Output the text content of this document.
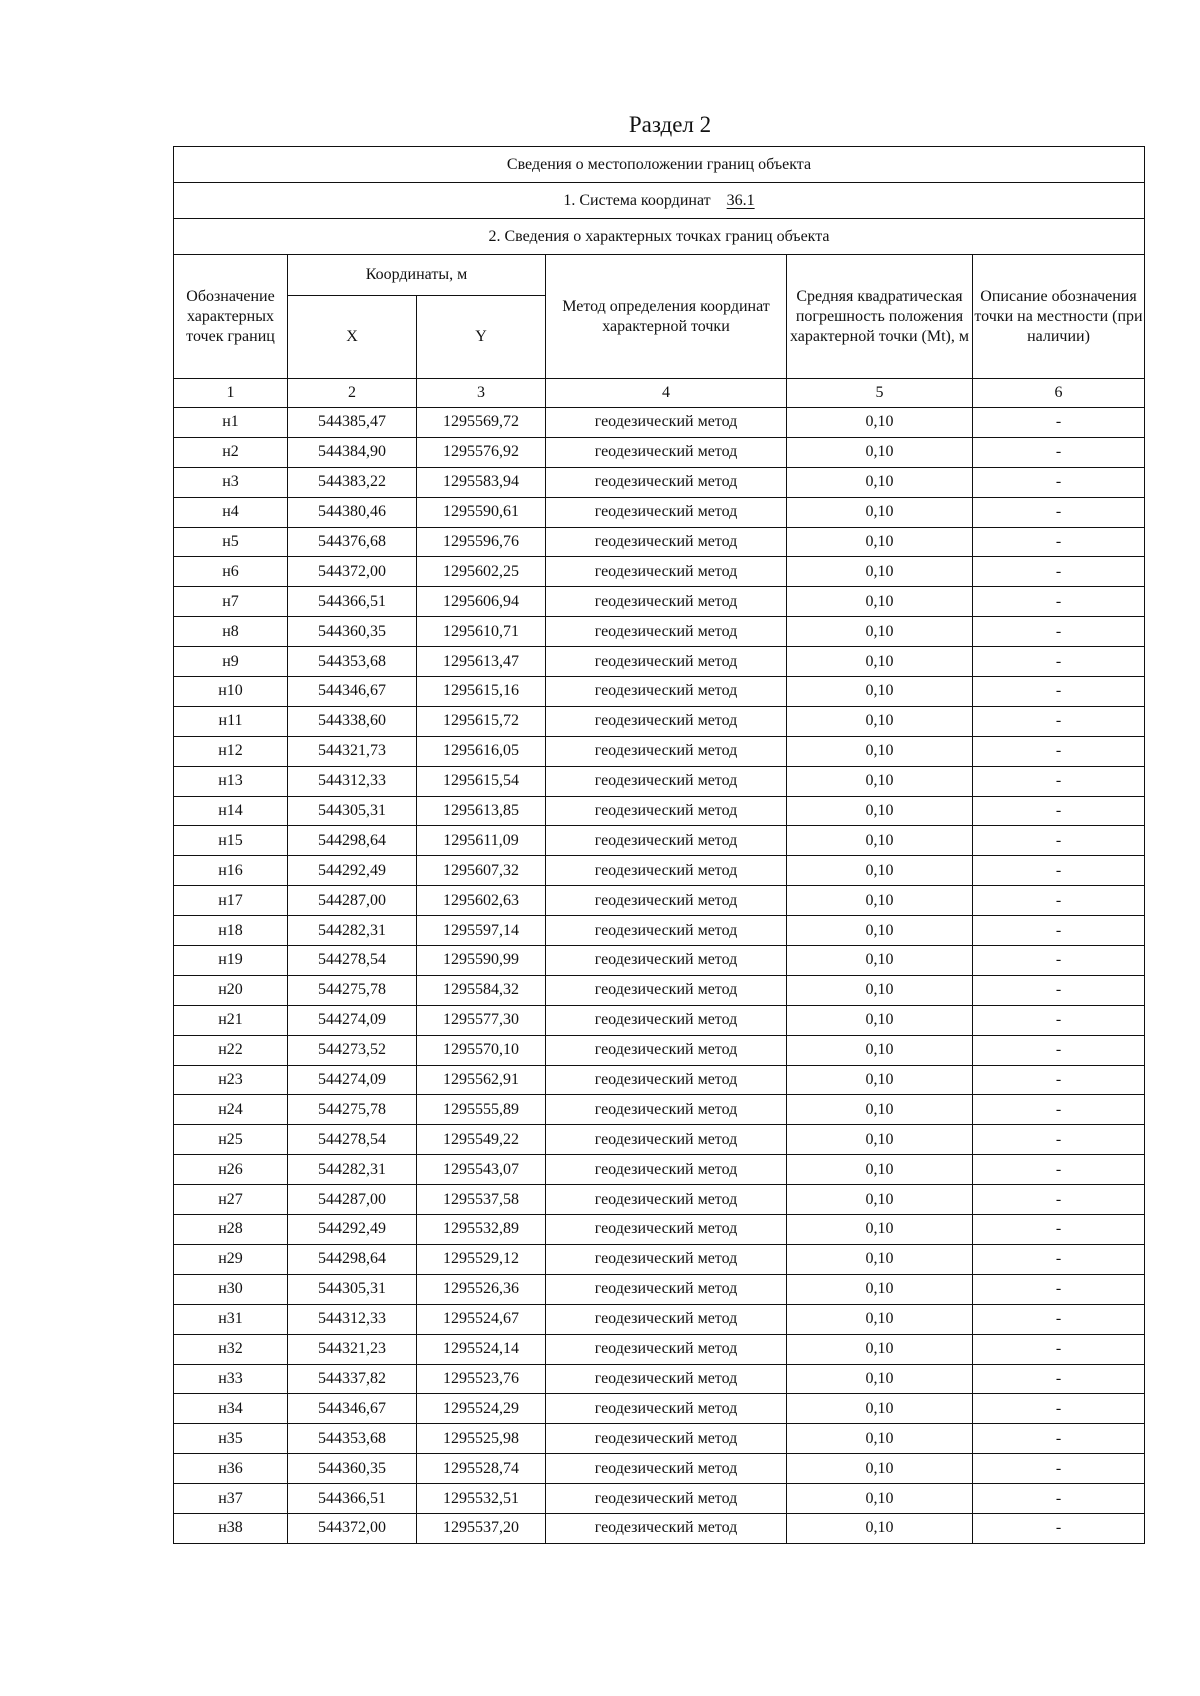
Раздел 2
Сведения о местоположении границ объекта					
1. Система координат 36.1					
2. Сведения о характерных точках границ объекта					
Обозначение характерных точек границ	Координаты, м		Метод определения координат характерной точки	Средняя квадратическая погрешность положения характерной точки (Mt), м	Описание обозначения точки на местности (при наличии)
	X	Y			
1	2	3	4	5	6
н1	544385,47	1295569,72	геодезический метод	0,10	-
н2	544384,90	1295576,92	геодезический метод	0,10	-
н3	544383,22	1295583,94	геодезический метод	0,10	-
н4	544380,46	1295590,61	геодезический метод	0,10	-
н5	544376,68	1295596,76	геодезический метод	0,10	-
н6	544372,00	1295602,25	геодезический метод	0,10	-
н7	544366,51	1295606,94	геодезический метод	0,10	-
н8	544360,35	1295610,71	геодезический метод	0,10	-
н9	544353,68	1295613,47	геодезический метод	0,10	-
н10	544346,67	1295615,16	геодезический метод	0,10	-
н11	544338,60	1295615,72	геодезический метод	0,10	-
н12	544321,73	1295616,05	геодезический метод	0,10	-
н13	544312,33	1295615,54	геодезический метод	0,10	-
н14	544305,31	1295613,85	геодезический метод	0,10	-
н15	544298,64	1295611,09	геодезический метод	0,10	-
н16	544292,49	1295607,32	геодезический метод	0,10	-
н17	544287,00	1295602,63	геодезический метод	0,10	-
н18	544282,31	1295597,14	геодезический метод	0,10	-
н19	544278,54	1295590,99	геодезический метод	0,10	-
н20	544275,78	1295584,32	геодезический метод	0,10	-
н21	544274,09	1295577,30	геодезический метод	0,10	-
н22	544273,52	1295570,10	геодезический метод	0,10	-
н23	544274,09	1295562,91	геодезический метод	0,10	-
н24	544275,78	1295555,89	геодезический метод	0,10	-
н25	544278,54	1295549,22	геодезический метод	0,10	-
н26	544282,31	1295543,07	геодезический метод	0,10	-
н27	544287,00	1295537,58	геодезический метод	0,10	-
н28	544292,49	1295532,89	геодезический метод	0,10	-
н29	544298,64	1295529,12	геодезический метод	0,10	-
н30	544305,31	1295526,36	геодезический метод	0,10	-
н31	544312,33	1295524,67	геодезический метод	0,10	-
н32	544321,23	1295524,14	геодезический метод	0,10	-
н33	544337,82	1295523,76	геодезический метод	0,10	-
н34	544346,67	1295524,29	геодезический метод	0,10	-
н35	544353,68	1295525,98	геодезический метод	0,10	-
н36	544360,35	1295528,74	геодезический метод	0,10	-
н37	544366,51	1295532,51	геодезический метод	0,10	-
н38	544372,00	1295537,20	геодезический метод	0,10	-
